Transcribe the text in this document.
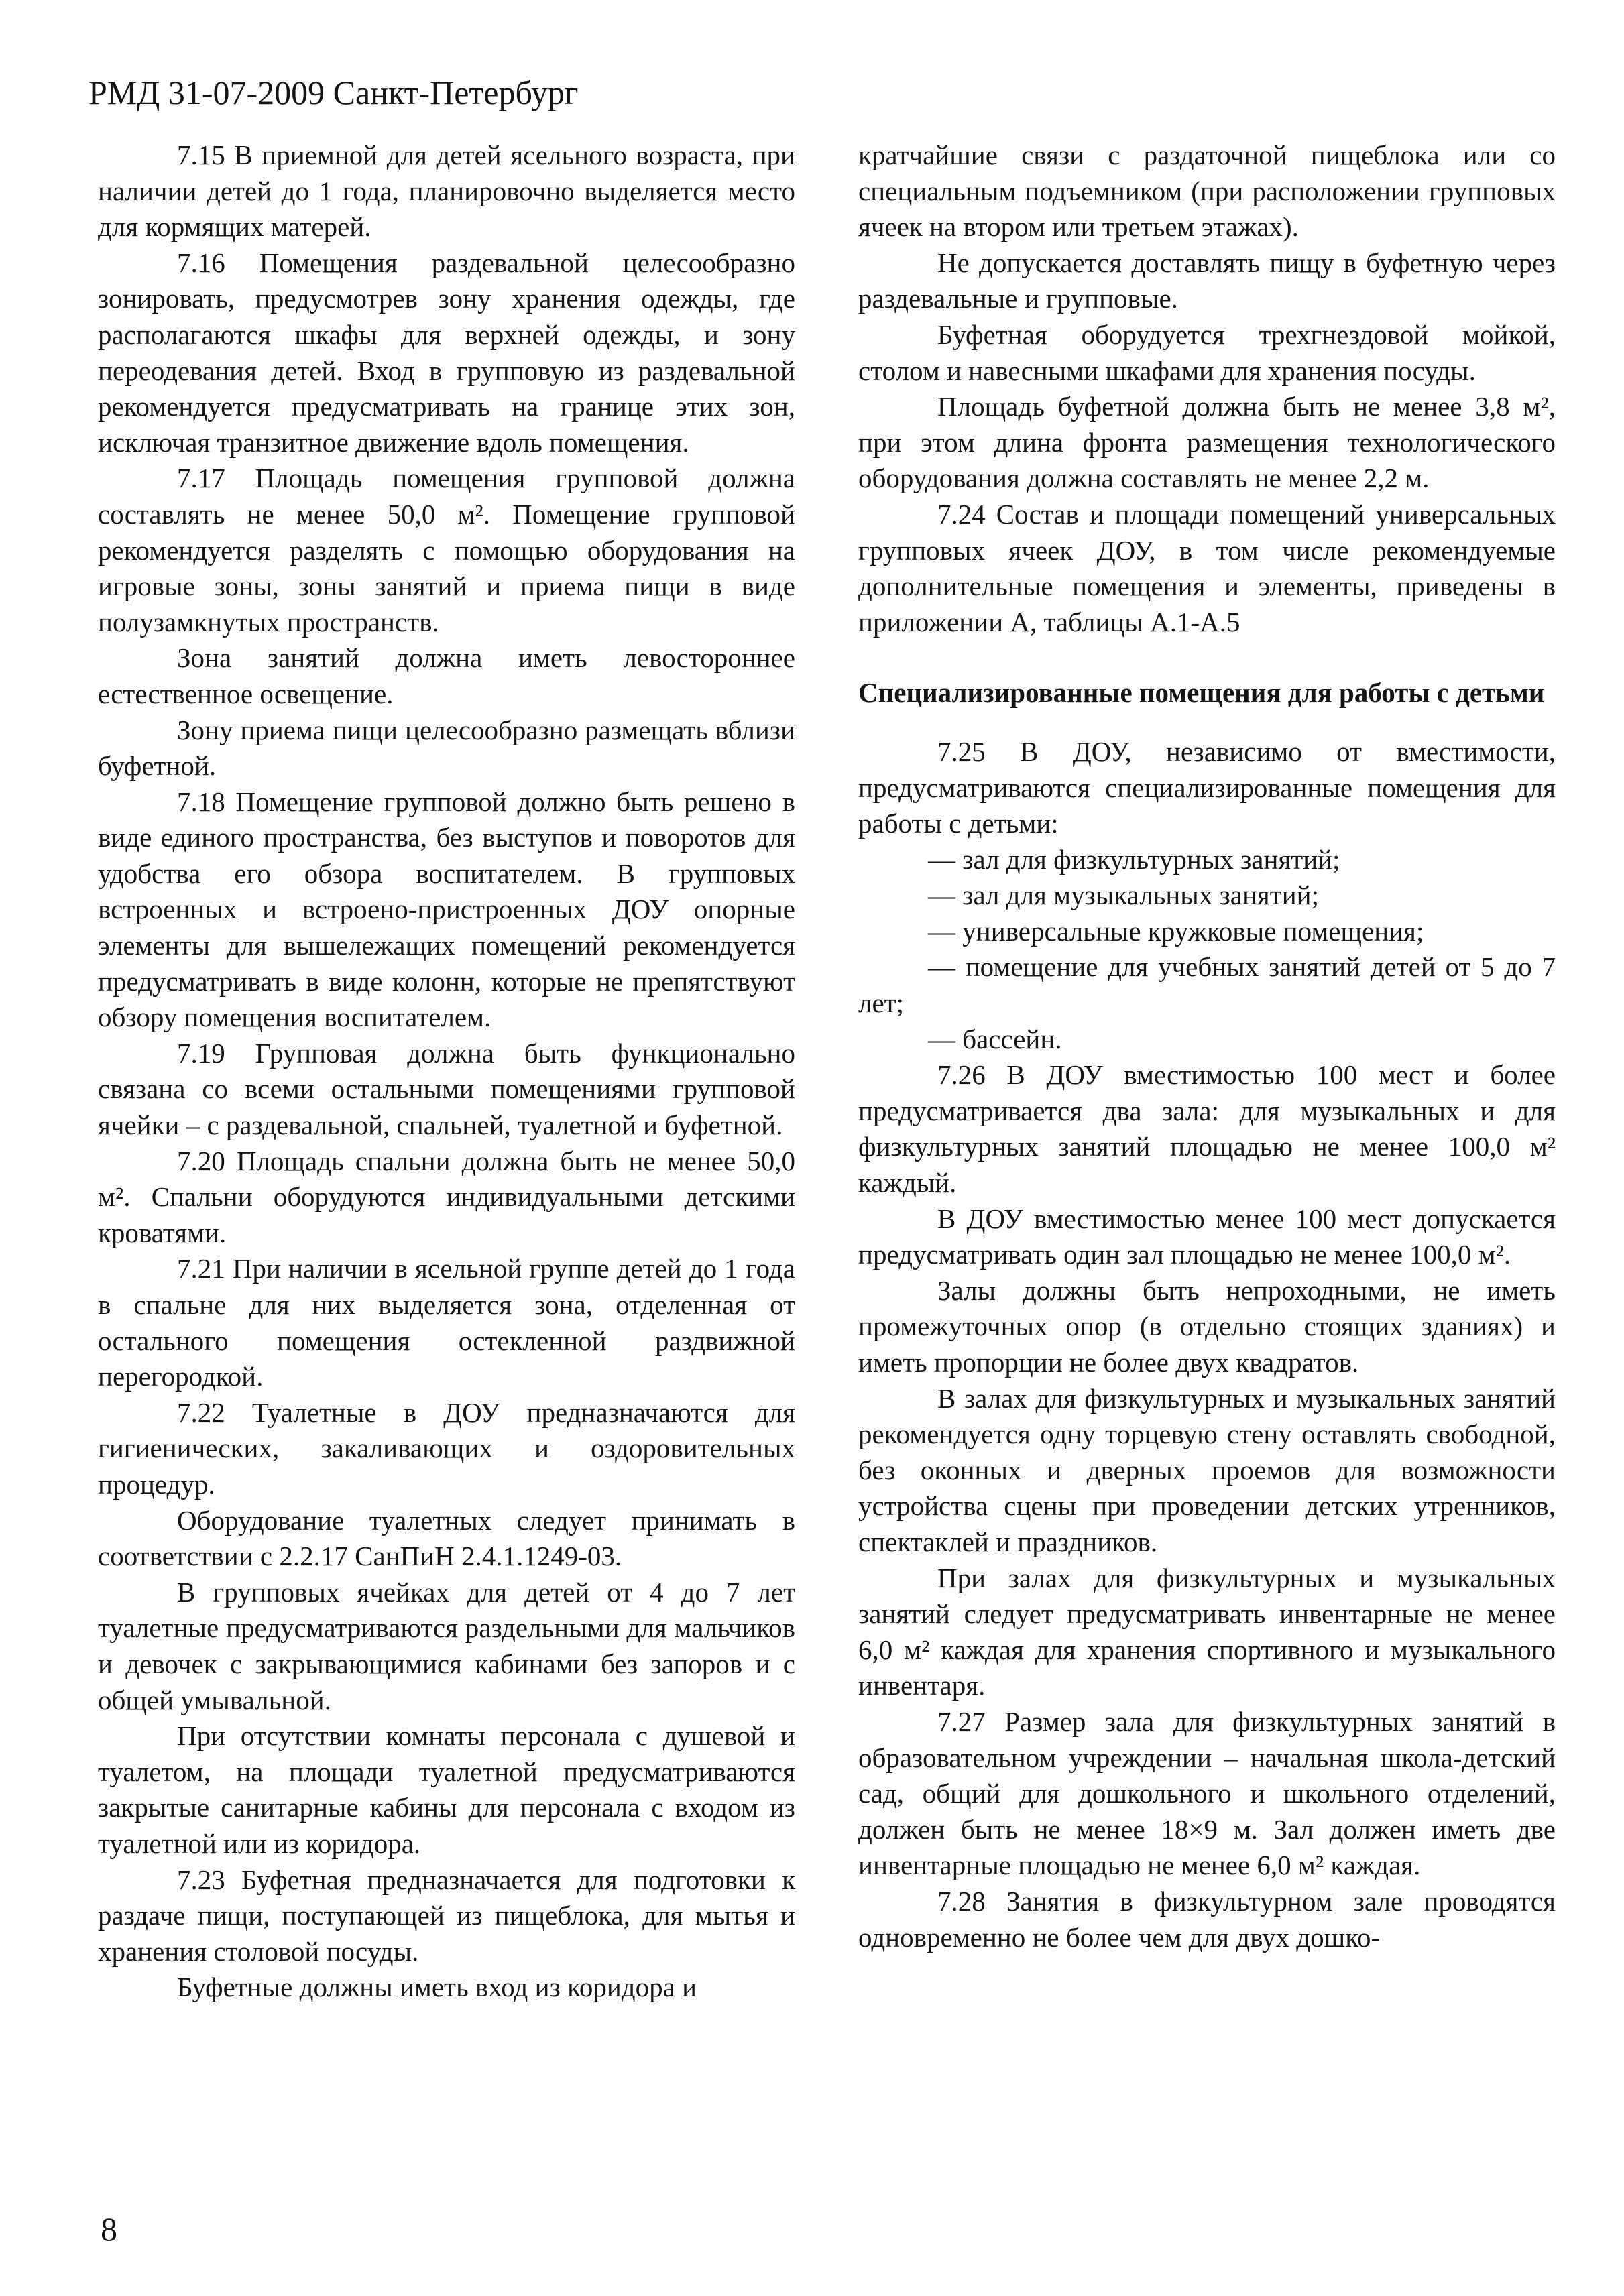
РМД 31-07-2009 Санкт-Петербург

7.15 В приемной для детей ясельного возраста, при наличии детей до 1 года, планировочно выделяется место для кормящих матерей.

7.16 Помещения раздевальной целесообразно зонировать, предусмотрев зону хранения одежды, где располагаются шкафы для верхней одежды, и зону переодевания детей. Вход в групповую из раздевальной рекомендуется предусматривать на границе этих зон, исключая транзитное движение вдоль помещения.

7.17 Площадь помещения групповой должна составлять не менее 50,0 м². Помещение групповой рекомендуется разделять с помощью оборудования на игровые зоны, зоны занятий и приема пищи в виде полузамкнутых пространств.

Зона занятий должна иметь левостороннее естественное освещение.

Зону приема пищи целесообразно размещать вблизи буфетной.

7.18 Помещение групповой должно быть решено в виде единого пространства, без выступов и поворотов для удобства его обзора воспитателем. В групповых встроенных и встроено-пристроенных ДОУ опорные элементы для вышележащих помещений рекомендуется предусматривать в виде колонн, которые не препятствуют обзору помещения воспитателем.

7.19 Групповая должна быть функционально связана со всеми остальными помещениями групповой ячейки – с раздевальной, спальней, туалетной и буфетной.

7.20 Площадь спальни должна быть не менее 50,0 м². Спальни оборудуются индивидуальными детскими кроватями.

7.21 При наличии в ясельной группе детей до 1 года в спальне для них выделяется зона, отделенная от остального помещения остекленной раздвижной перегородкой.

7.22 Туалетные в ДОУ предназначаются для гигиенических, закаливающих и оздоровительных процедур.

Оборудование туалетных следует принимать в соответствии с 2.2.17 СанПиН 2.4.1.1249-03.

В групповых ячейках для детей от 4 до 7 лет туалетные предусматриваются раздельными для мальчиков и девочек с закрывающимися кабинами без запоров и с общей умывальной.

При отсутствии комнаты персонала с душевой и туалетом, на площади туалетной предусматриваются закрытые санитарные кабины для персонала с входом из туалетной или из коридора.

7.23 Буфетная предназначается для подготовки к раздаче пищи, поступающей из пищеблока, для мытья и хранения столовой посуды.

Буфетные должны иметь вход из коридора и

кратчайшие связи с раздаточной пищеблока или со специальным подъемником (при расположении групповых ячеек на втором или третьем этажах).

Не допускается доставлять пищу в буфетную через раздевальные и групповые.

Буфетная оборудуется трехгнездовой мойкой, столом и навесными шкафами для хранения посуды.

Площадь буфетной должна быть не менее 3,8 м², при этом длина фронта размещения технологического оборудования должна составлять не менее 2,2 м.

7.24 Состав и площади помещений универсальных групповых ячеек ДОУ, в том числе рекомендуемые дополнительные помещения и элементы, приведены в приложении А, таблицы А.1-А.5

Специализированные помещения для работы с детьми

7.25 В ДОУ, независимо от вместимости, предусматриваются специализированные помещения для работы с детьми:

— зал для физкультурных занятий;

— зал для музыкальных занятий;

— универсальные кружковые помещения;

— помещение для учебных занятий детей от 5 до 7 лет;

— бассейн.

7.26 В ДОУ вместимостью 100 мест и более предусматривается два зала: для музыкальных и для физкультурных занятий площадью не менее 100,0 м² каждый.

В ДОУ вместимостью менее 100 мест допускается предусматривать один зал площадью не менее 100,0 м².

Залы должны быть непроходными, не иметь промежуточных опор (в отдельно стоящих зданиях) и иметь пропорции не более двух квадратов.

В залах для физкультурных и музыкальных занятий рекомендуется одну торцевую стену оставлять свободной, без оконных и дверных проемов для возможности устройства сцены при проведении детских утренников, спектаклей и праздников.

При залах для физкультурных и музыкальных занятий следует предусматривать инвентарные не менее 6,0 м² каждая для хранения спортивного и музыкального инвентаря.

7.27 Размер зала для физкультурных занятий в образовательном учреждении – начальная школа-детский сад, общий для дошкольного и школьного отделений, должен быть не менее 18×9 м. Зал должен иметь две инвентарные площадью не менее 6,0 м² каждая.

7.28 Занятия в физкультурном зале проводятся одновременно не более чем для двух дошко-

8
